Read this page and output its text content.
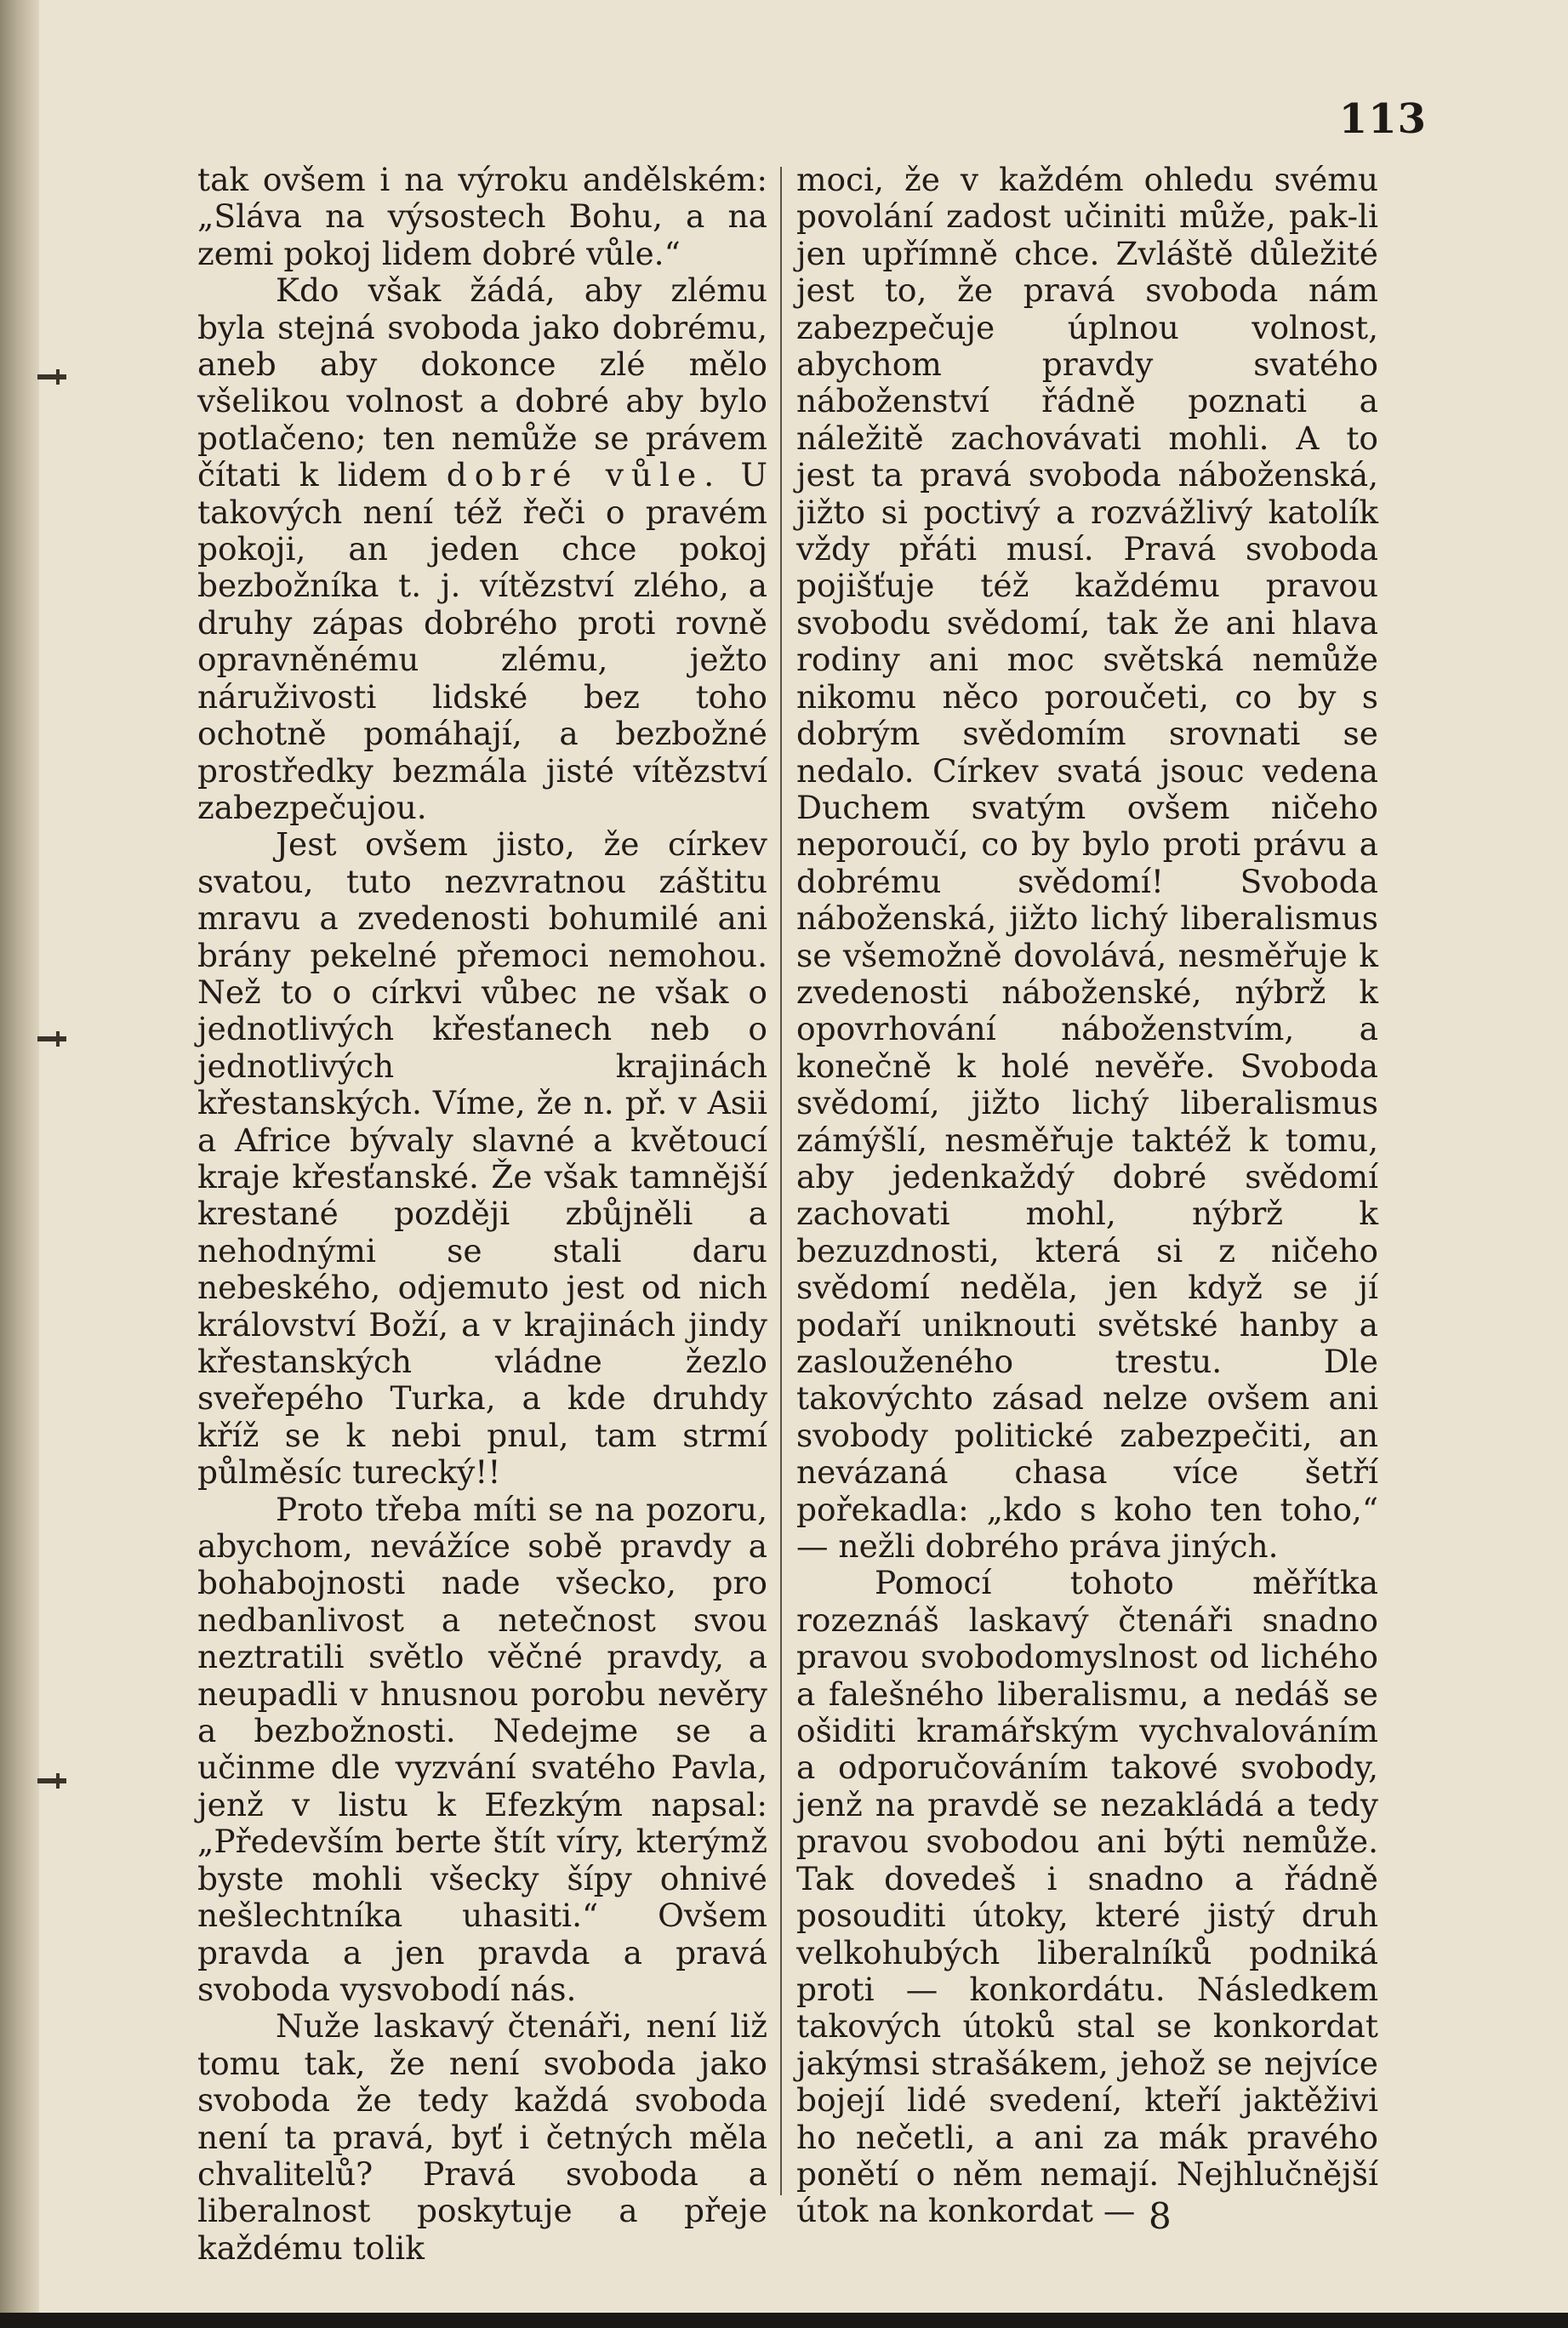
113

tak ovšem i na výroku andělském: „Sláva na výsostech Bohu, a na zemi pokoj lidem dobré vůle.“

Kdo však žádá, aby zlému byla stejná svoboda jako dobrému, aneb aby dokonce zlé mělo všelikou volnost a dobré aby bylo potlačeno; ten nemůže se právem čítati k lidem dobré vůle. U takových není též řeči o pravém pokoji, an jeden chce pokoj bezbožníka t. j. vítězství zlého, a druhy zápas dobrého proti rovně opravněnému zlému, ježto náruživosti lidské bez toho ochotně pomáhají, a bezbožné prostředky bezmála jisté vítězství zabezpečujou.

Jest ovšem jisto, že církev svatou, tuto nezvratnou záštitu mravu a zvedenosti bohumilé ani brány pekelné přemoci nemohou. Než to o církvi vůbec ne však o jednotlivých křesťanech neb o jednotlivých krajinách křestanských. Víme, že n. př. v Asii a Africe bývaly slavné a květoucí kraje křesťanské. Že však tamnější krestané později zbůjněli a nehodnými se stali daru nebeského, odjemuto jest od nich království Boží, a v krajinách jindy křestanských vládne žezlo sveřepého Turka, a kde druhdy kříž se k nebi pnul, tam strmí půlměsíc turecký!!

Proto třeba míti se na pozoru, abychom, nevážíce sobě pravdy a bohabojnosti nade všecko, pro nedbanlivost a netečnost svou neztratili světlo věčné pravdy, a neupadli v hnusnou porobu nevěry a bezbožnosti. Nedejme se a učinme dle vyzvání svatého Pavla, jenž v listu k Efezkým napsal: „Především berte štít víry, kterýmž byste mohli všecky šípy ohnivé nešlechtníka uhasiti.“ Ovšem pravda a jen pravda a pravá svoboda vysvobodí nás.

Nuže laskavý čtenáři, není liž tomu tak, že není svoboda jako svoboda že tedy každá svoboda není ta pravá, byť i četných měla chvalitelů? Pravá svoboda a liberalnost poskytuje a přeje každému tolik

moci, že v každém ohledu svému povolání zadost učiniti může, pak-li jen upřímně chce. Zvláště důležité jest to, že pravá svoboda nám zabezpečuje úplnou volnost, abychom pravdy svatého náboženství řádně poznati a náležitě zachovávati mohli. A to jest ta pravá svoboda náboženská, jižto si poctivý a rozvážlivý katolík vždy přáti musí. Pravá svoboda pojišťuje též každému pravou svobodu svědomí, tak že ani hlava rodiny ani moc světská nemůže nikomu něco poroučeti, co by s dobrým svědomím srovnati se nedalo. Církev svatá jsouc vedena Duchem svatým ovšem ničeho neporoučí, co by bylo proti právu a dobrému svědomí! Svoboda náboženská, jižto lichý liberalismus se všemožně dovolává, nesměřuje k zvedenosti náboženské, nýbrž k opovrhování náboženstvím, a konečně k holé nevěře. Svoboda svědomí, jižto lichý liberalismus zámýšlí, nesměřuje taktéž k tomu, aby jedenkaždý dobré svědomí zachovati mohl, nýbrž k bezuzdnosti, která si z ničeho svědomí neděla, jen když se jí podaří uniknouti světské hanby a zaslouženého trestu. Dle takovýchto zásad nelze ovšem ani svobody politické zabezpečiti, an nevázaná chasa více šetří pořekadla: „kdo s koho ten toho,“ — nežli dobrého práva jiných.

Pomocí tohoto měřítka rozeznáš laskavý čtenáři snadno pravou svobodomyslnost od lichého a falešného liberalismu, a nedáš se ošiditi kramářským vychvalováním a odporučováním takové svobody, jenž na pravdě se nezakládá a tedy pravou svobodou ani býti nemůže. Tak dovedeš i snadno a řádně posouditi útoky, které jistý druh velkohubých liberalníků podniká proti — konkordátu. Následkem takových útoků stal se konkordat jakýmsi strašákem, jehož se nejvíce bojejí lidé svedení, kteří jaktěživi ho nečetli, a ani za mák pravého ponětí o něm nemají. Nejhlučnější útok na konkordat — 8
